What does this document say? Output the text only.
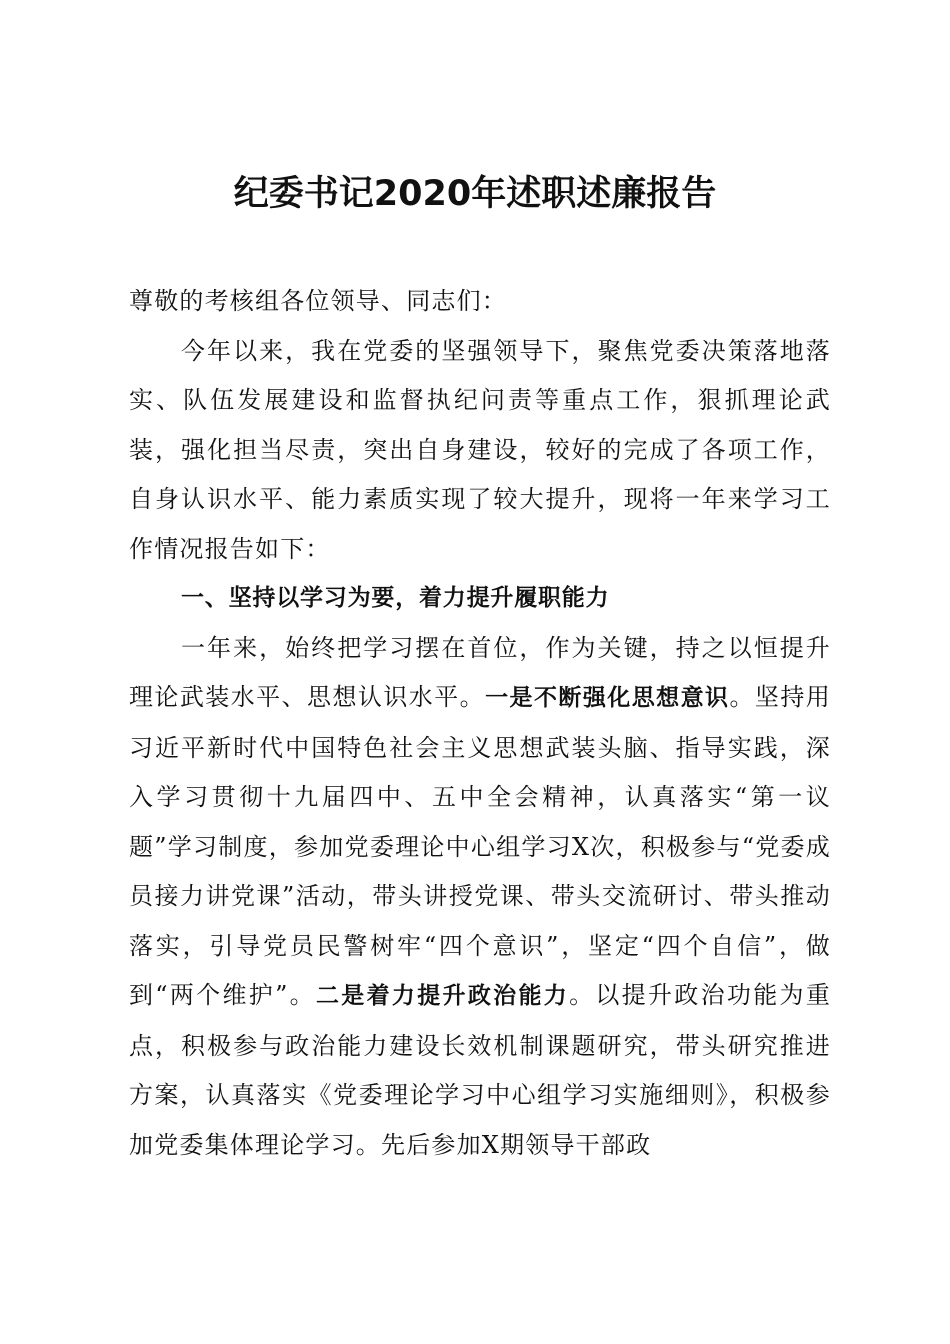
纪委书记2020年述职述廉报告

尊敬的考核组各位领导、同志们：

今年以来，我在党委的坚强领导下，聚焦党委决策落地落实、队伍发展建设和监督执纪问责等重点工作，狠抓理论武装，强化担当尽责，突出自身建设，较好的完成了各项工作，自身认识水平、能力素质实现了较大提升，现将一年来学习工作情况报告如下：

一、坚持以学习为要，着力提升履职能力

一年来，始终把学习摆在首位，作为关键，持之以恒提升理论武装水平、思想认识水平。一是不断强化思想意识。坚持用习近平新时代中国特色社会主义思想武装头脑、指导实践，深入学习贯彻十九届四中、五中全会精神，认真落实“第一议题”学习制度，参加党委理论中心组学习X次，积极参与“党委成员接力讲党课”活动，带头讲授党课、带头交流研讨、带头推动落实，引导党员民警树牢“四个意识”，坚定“四个自信”，做到“两个维护”。二是着力提升政治能力。以提升政治功能为重点，积极参与政治能力建设长效机制课题研究，带头研究推进方案，认真落实《党委理论学习中心组学习实施细则》，积极参加党委集体理论学习。先后参加X期领导干部政
